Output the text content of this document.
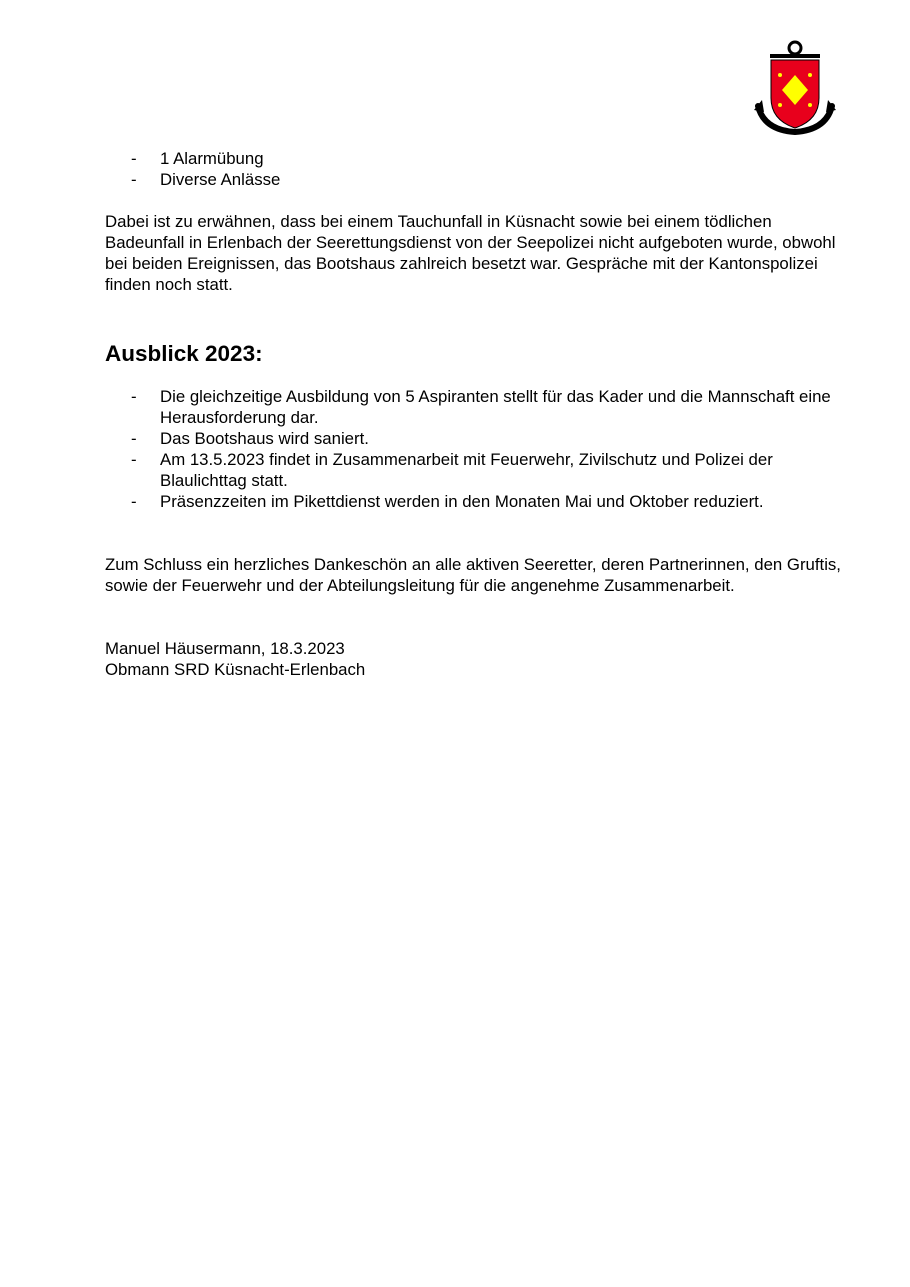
- 1 Alarmübung
- Diverse Anlässe

Dabei ist zu erwähnen, dass bei einem Tauchunfall in Küsnacht sowie bei einem tödlichen Badeunfall in Erlenbach der Seerettungsdienst von der Seepolizei nicht aufgeboten wurde, obwohl bei beiden Ereignissen, das Bootshaus zahlreich besetzt war. Gespräche mit der Kantonspolizei finden noch statt.

Ausblick 2023:
- Die gleichzeitige Ausbildung von 5 Aspiranten stellt für das Kader und die Mannschaft eine Herausforderung dar.
- Das Bootshaus wird saniert.
- Am 13.5.2023 findet in Zusammenarbeit mit Feuerwehr, Zivilschutz und Polizei der Blaulichttag statt.
- Präsenzzeiten im Pikettdienst werden in den Monaten Mai und Oktober reduziert.

Zum Schluss ein herzliches Dankeschön an alle aktiven Seeretter, deren Partnerinnen, den Gruftis, sowie der Feuerwehr und der Abteilungsleitung für die angenehme Zusammenarbeit.

Manuel Häusermann, 18.3.2023
Obmann SRD Küsnacht-Erlenbach
